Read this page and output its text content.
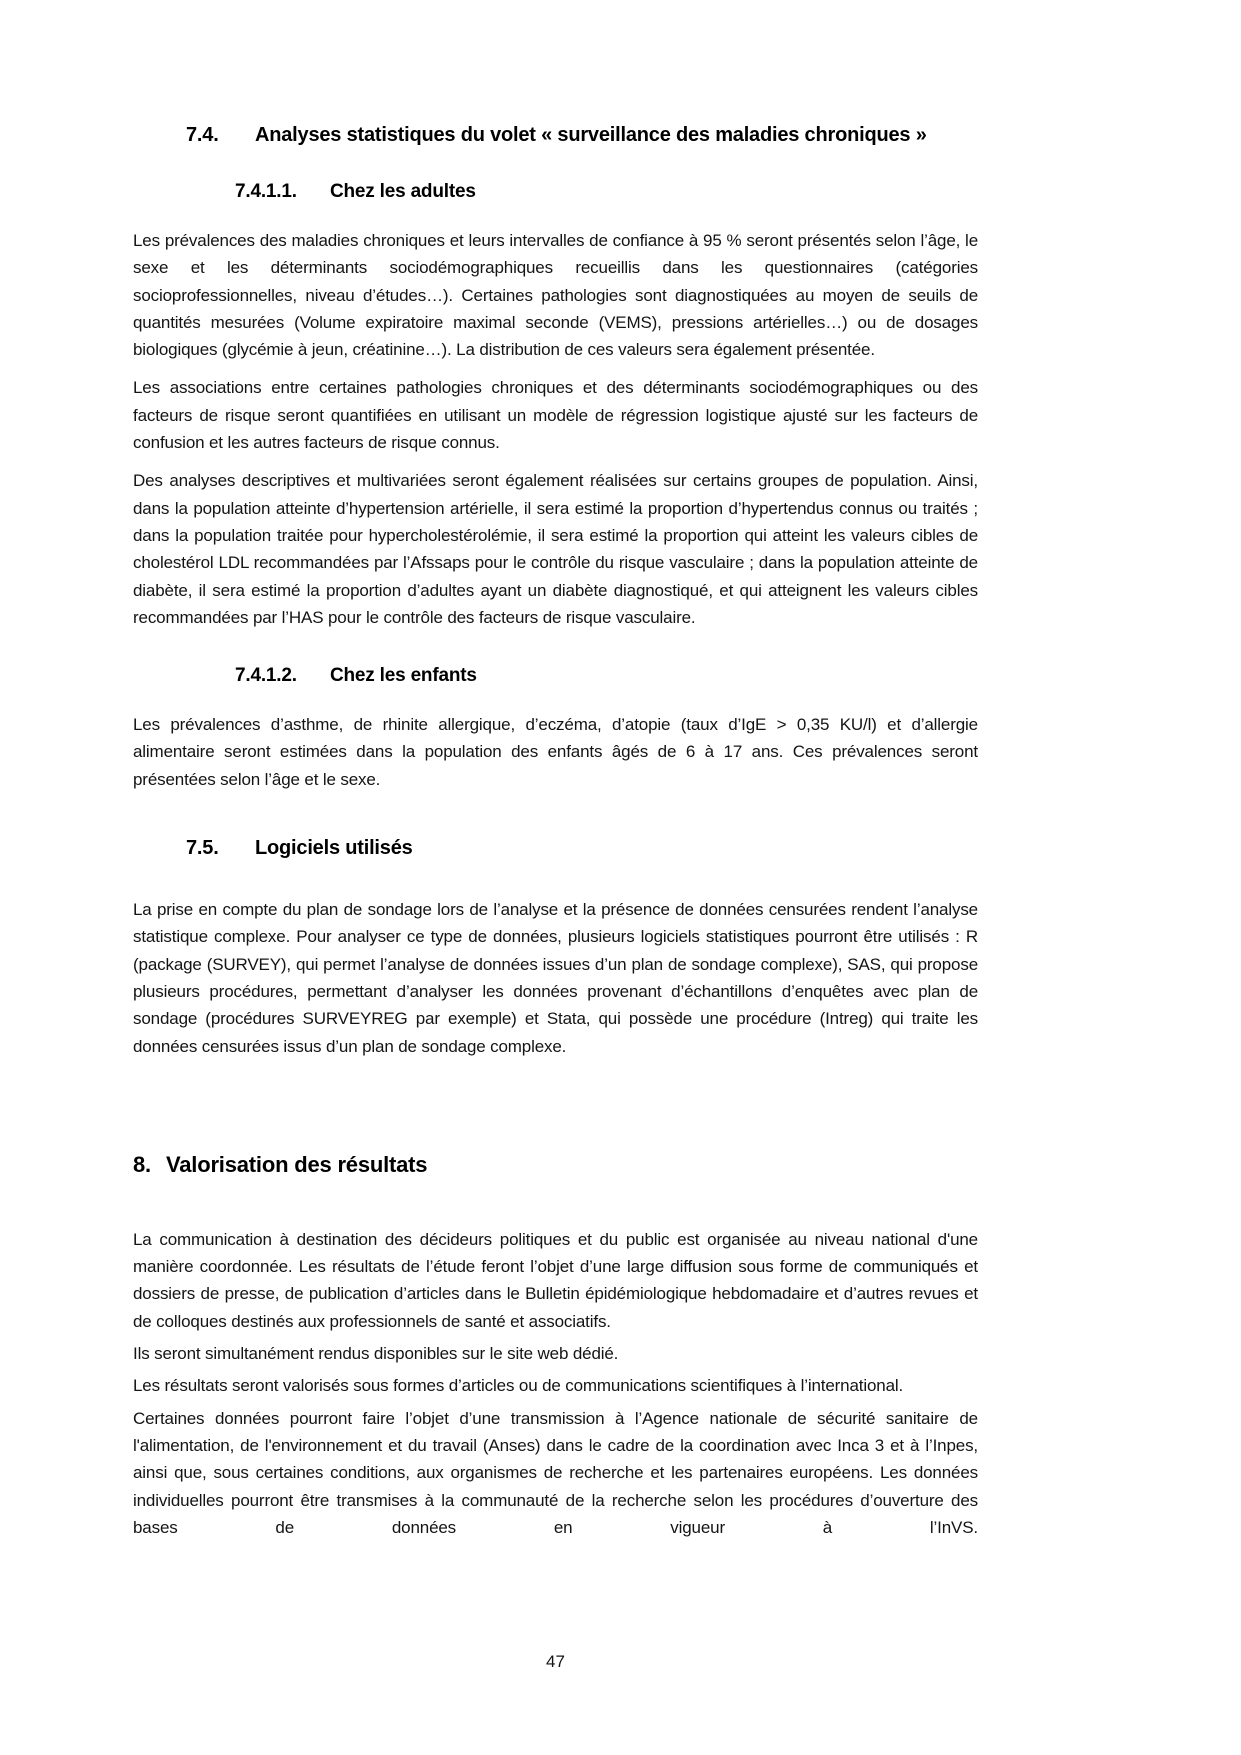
7.4.	Analyses statistiques du volet « surveillance des maladies chroniques »
7.4.1.1.	Chez les adultes

Les prévalences des maladies chroniques et leurs intervalles de confiance à 95 % seront présentés selon l’âge, le sexe et les déterminants sociodémographiques recueillis dans les questionnaires (catégories socioprofessionnelles, niveau d’études…). Certaines pathologies sont diagnostiquées au moyen de seuils de quantités mesurées (Volume expiratoire maximal seconde (VEMS), pressions artérielles…) ou de dosages biologiques (glycémie à jeun, créatinine…). La distribution de ces valeurs sera également présentée.

Les associations entre certaines pathologies chroniques et des déterminants sociodémographiques ou des facteurs de risque seront quantifiées en utilisant un modèle de régression logistique ajusté sur les facteurs de confusion et les autres facteurs de risque connus.

Des analyses descriptives et multivariées seront également réalisées sur certains groupes de population. Ainsi, dans la population atteinte d’hypertension artérielle, il sera estimé la proportion d’hypertendus connus ou traités ; dans la population traitée pour hypercholestérolémie, il sera estimé la proportion qui atteint les valeurs cibles de cholestérol LDL recommandées par l’Afssaps pour le contrôle du risque vasculaire ; dans la population atteinte de diabète, il sera estimé la proportion d’adultes ayant un diabète diagnostiqué, et qui atteignent les valeurs cibles recommandées par l’HAS pour le contrôle des facteurs de risque vasculaire.

7.4.1.2.	Chez les enfants

Les prévalences d’asthme, de rhinite allergique, d’eczéma, d’atopie (taux d’IgE > 0,35 KU/l) et d’allergie alimentaire seront estimées dans la population des enfants âgés de 6 à 17 ans. Ces prévalences seront présentées selon l’âge et le sexe.

7.5.	Logiciels utilisés

La prise en compte du plan de sondage lors de l’analyse et la présence de données censurées rendent l’analyse statistique complexe. Pour analyser ce type de données, plusieurs logiciels statistiques pourront être utilisés : R (package (SURVEY), qui permet l’analyse de données issues d’un plan de sondage complexe), SAS, qui propose plusieurs procédures, permettant d’analyser les données provenant d’échantillons d’enquêtes avec plan de sondage (procédures SURVEYREG par exemple) et Stata, qui possède une procédure (Intreg) qui traite les données censurées issus d’un plan de sondage complexe.

8. Valorisation des résultats

La communication à destination des décideurs politiques et du public est organisée au niveau national d'une manière coordonnée. Les résultats de l’étude feront l’objet d’une large diffusion sous forme de communiqués et dossiers de presse, de publication d’articles dans le Bulletin épidémiologique hebdomadaire et d’autres revues et de colloques destinés aux professionnels de santé et associatifs.

Ils seront simultanément rendus disponibles sur le site web dédié.

Les résultats seront valorisés sous formes d’articles ou de communications scientifiques à l’international.

Certaines données pourront faire l’objet d’une transmission à l’Agence nationale de sécurité sanitaire de l'alimentation, de l'environnement et du travail (Anses) dans le cadre de la coordination avec Inca 3 et à l’Inpes, ainsi que, sous certaines conditions, aux organismes de recherche et les partenaires européens. Les données individuelles pourront être transmises à la communauté de la recherche selon les procédures d’ouverture des bases de données en vigueur à l’InVS.

47
